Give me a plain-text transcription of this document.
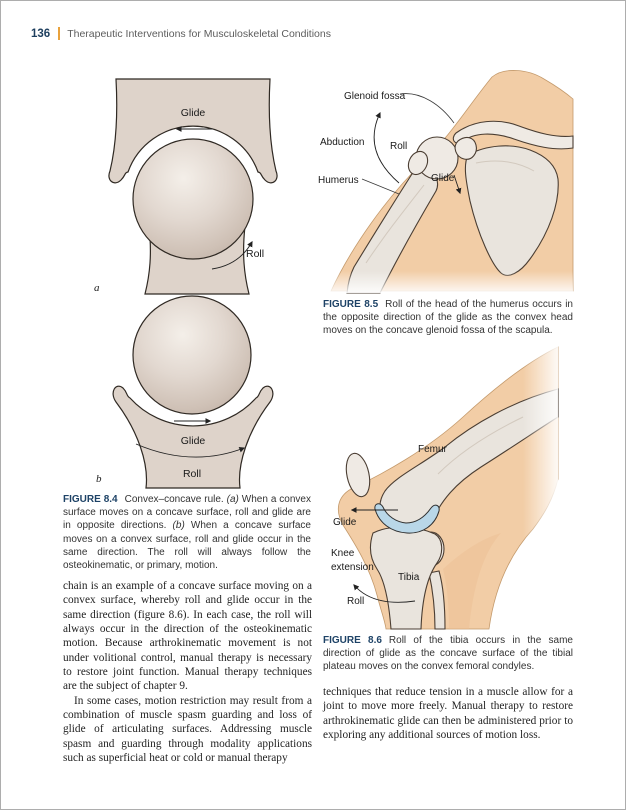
136 Therapeutic Interventions for Musculoskeletal Conditions
Glide
Roll
a
Glide
Roll
b
FIGURE 8.4 Convex–concave rule. (a) When a convex surface moves on a concave surface, roll and glide are in opposite directions. (b) When a concave surface moves on a convex surface, roll and glide occur in the same direction. The roll will always follow the osteokinematic, or primary, motion.
Glenoid fossa
Abduction	Roll
Humerus	Glide
FIGURE 8.5 Roll of the head of the humerus occurs in the opposite direction of the glide as the convex head moves on the concave glenoid fossa of the scapula.
Femur
Glide
Knee
extension
Tibia
Roll
FIGURE 8.6 Roll of the tibia occurs in the same direction of glide as the concave surface of the tibial plateau moves on the convex femoral condyles.

chain is an example of a concave surface moving on a convex surface, whereby roll and glide occur in the same direction (figure 8.6). In each case, the roll will always occur in the direction of the osteokinematic motion. Because arthrokinematic movement is not under volitional control, manual therapy is necessary to restore joint function. Manual therapy techniques are the subject of chapter 9.

In some cases, motion restriction may result from a combination of muscle spasm guarding and loss of glide of articulating surfaces. Addressing muscle spasm and guarding through modality applications such as superficial heat or cold or manual therapy

techniques that reduce tension in a muscle allow for a joint to move more freely. Manual therapy to restore arthrokinematic glide can then be administered prior to exploring any additional sources of motion loss.
